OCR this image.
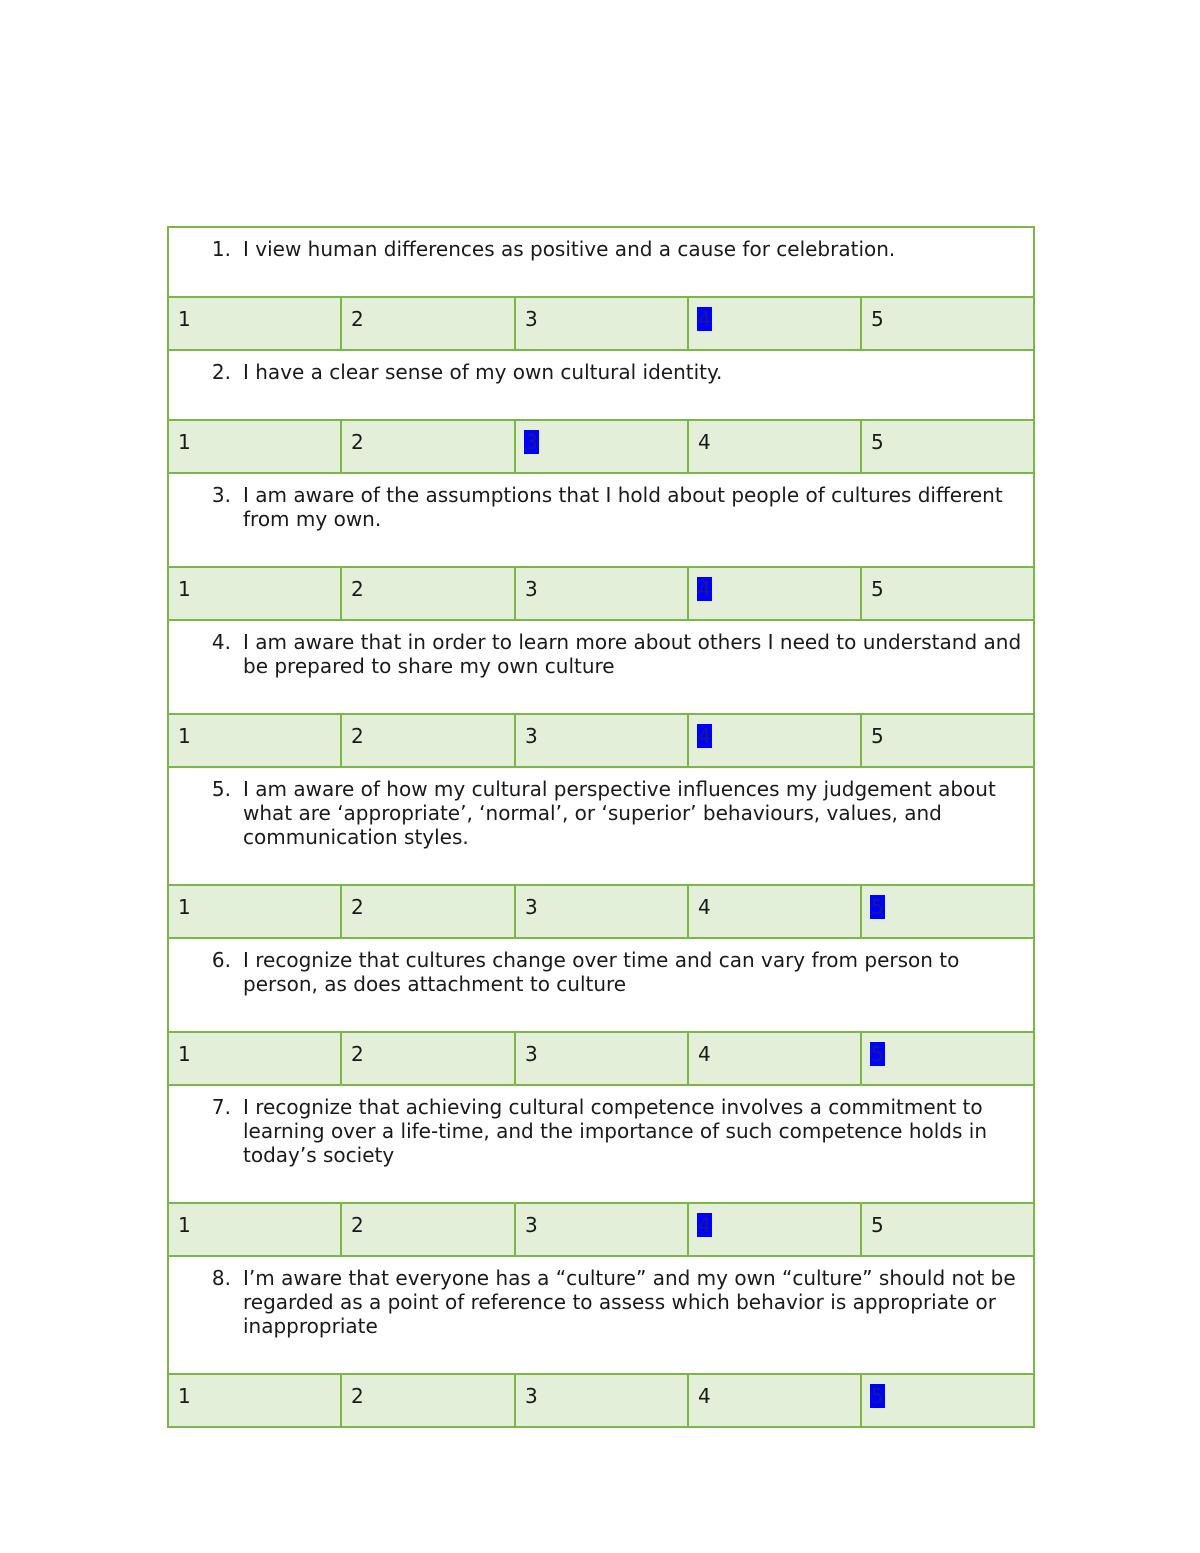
1. I view human differences as positive and a cause for celebration.				

1	2	3	4	5

2. I have a clear sense of my own cultural identity.				

1	2	3	4	5

3. I am aware of the assumptions that I hold about people of cultures different from my own.				

1	2	3	4	5

4. I am aware that in order to learn more about others I need to understand and be prepared to share my own culture				

1	2	3	4	5

5. I am aware of how my cultural perspective influences my judgement about what are ‘appropriate’, ‘normal’, or ‘superior’ behaviours, values, and communication styles.				

1	2	3	4	5

6. I recognize that cultures change over time and can vary from person to person, as does attachment to culture				

1	2	3	4	5

7. I recognize that achieving cultural competence involves a commitment to learning over a life-time, and the importance of such competence holds in today’s society				

1	2	3	4	5

8. I’m aware that everyone has a “culture” and my own “culture” should not be regarded as a point of reference to assess which behavior is appropriate or inappropriate				

1	2	3	4	5
